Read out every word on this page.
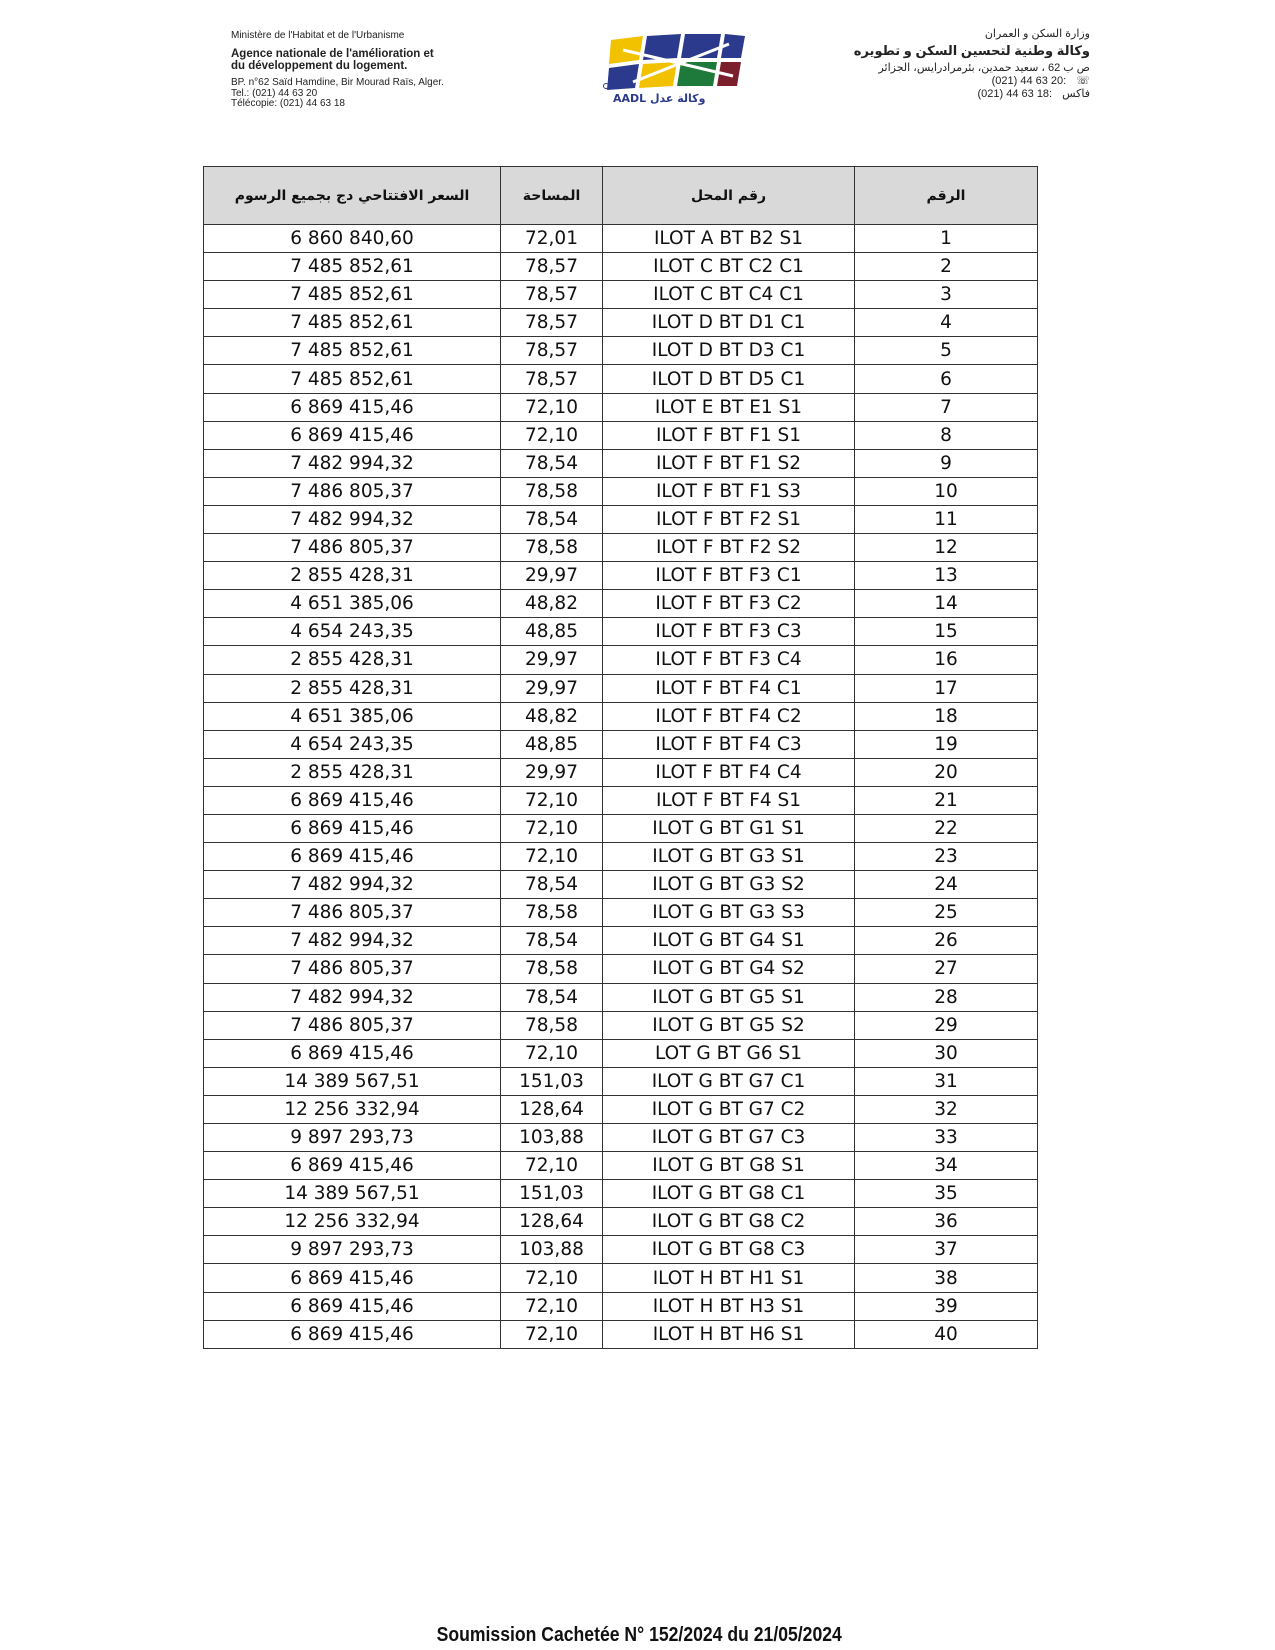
Ministère de l'Habitat et de l'Urbanisme
Agence nationale de l'amélioration et
du développement du logement.
BP. n°62 Saïd Hamdine, Bir Mourad Raïs, Alger.
Tel.: (021) 44 63 20
Télécopie: (021) 44 63 18	AADL وكالة عدل
وزارة السكن و العمران
وكالة وطنية لتحسين السكن و تطويره
ص ب 62 ، سعيد حمدين، بئرمرادرايس، الجزائر
☏
(021) 44 63 20:
فاكس
(021) 44 63 18:
السعر الافتتاحي دج بجميع الرسوم	المساحة	رقم المحل	الرقم
6 860 840,60	72,01	ILOT A BT B2 S1	1
7 485 852,61	78,57	ILOT C BT C2 C1	2
7 485 852,61	78,57	ILOT C BT C4 C1	3
7 485 852,61	78,57	ILOT D BT D1 C1	4
7 485 852,61	78,57	ILOT D BT D3 C1	5
7 485 852,61	78,57	ILOT D BT D5 C1	6
6 869 415,46	72,10	ILOT E BT E1 S1	7
6 869 415,46	72,10	ILOT F BT F1 S1	8
7 482 994,32	78,54	ILOT F BT F1 S2	9
7 486 805,37	78,58	ILOT F BT F1 S3	10
7 482 994,32	78,54	ILOT F BT F2 S1	11
7 486 805,37	78,58	ILOT F BT F2 S2	12
2 855 428,31	29,97	ILOT F BT F3 C1	13
4 651 385,06	48,82	ILOT F BT F3 C2	14
4 654 243,35	48,85	ILOT F BT F3 C3	15
2 855 428,31	29,97	ILOT F BT F3 C4	16
2 855 428,31	29,97	ILOT F BT F4 C1	17
4 651 385,06	48,82	ILOT F BT F4 C2	18
4 654 243,35	48,85	ILOT F BT F4 C3	19
2 855 428,31	29,97	ILOT F BT F4 C4	20
6 869 415,46	72,10	ILOT F BT F4 S1	21
6 869 415,46	72,10	ILOT G BT G1 S1	22
6 869 415,46	72,10	ILOT G BT G3 S1	23
7 482 994,32	78,54	ILOT G BT G3 S2	24
7 486 805,37	78,58	ILOT G BT G3 S3	25
7 482 994,32	78,54	ILOT G BT G4 S1	26
7 486 805,37	78,58	ILOT G BT G4 S2	27
7 482 994,32	78,54	ILOT G BT G5 S1	28
7 486 805,37	78,58	ILOT G BT G5 S2	29
6 869 415,46	72,10	LOT G BT G6 S1	30
14 389 567,51	151,03	ILOT G BT G7 C1	31
12 256 332,94	128,64	ILOT G BT G7 C2	32
9 897 293,73	103,88	ILOT G BT G7 C3	33
6 869 415,46	72,10	ILOT G BT G8 S1	34
14 389 567,51	151,03	ILOT G BT G8 C1	35
12 256 332,94	128,64	ILOT G BT G8 C2	36
9 897 293,73	103,88	ILOT G BT G8 C3	37
6 869 415,46	72,10	ILOT H BT H1 S1	38
6 869 415,46	72,10	ILOT H BT H3 S1	39
6 869 415,46	72,10	ILOT H BT H6 S1	40
Soumission Cachetée N° 152/2024 du 21/05/2024
